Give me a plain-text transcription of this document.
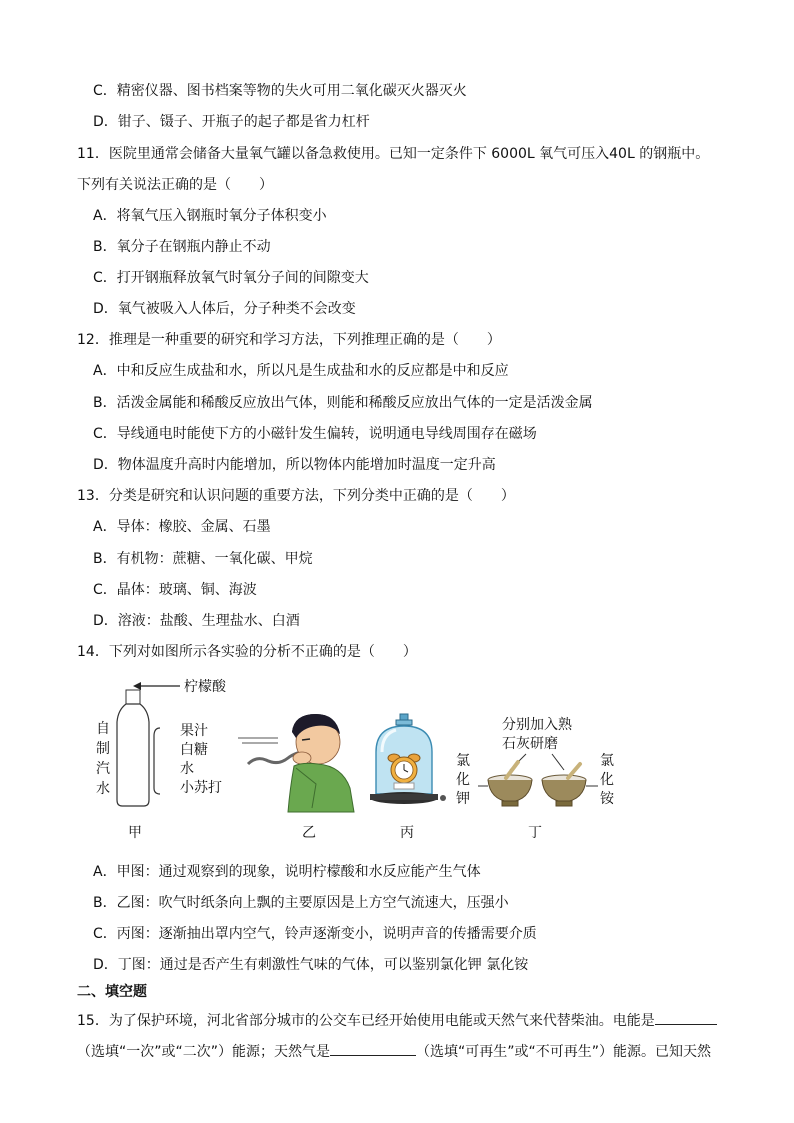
C．精密仪器、图书档案等物的失火可用二氧化碳灭火器灭火
D．钳子、镊子、开瓶子的起子都是省力杠杆
11．医院里通常会储备大量氧气罐以备急救使用。已知一定条件下 6000L 氧气可压入40L 的钢瓶中。
下列有关说法正确的是（　　）
A．将氧气压入钢瓶时氧分子体积变小
B．氧分子在钢瓶内静止不动
C．打开钢瓶释放氧气时氧分子间的间隙变大
D．氧气被吸入人体后，分子种类不会改变
12．推理是一种重要的研究和学习方法，下列推理正确的是（　　）
A．中和反应生成盐和水，所以凡是生成盐和水的反应都是中和反应
B．活泼金属能和稀酸反应放出气体，则能和稀酸反应放出气体的一定是活泼金属
C．导线通电时能使下方的小磁针发生偏转，说明通电导线周围存在磁场
D．物体温度升高时内能增加，所以物体内能增加时温度一定升高
13．分类是研究和认识问题的重要方法，下列分类中正确的是（　　）
A．导体：橡胶、金属、石墨
B．有机物：蔗糖、一氧化碳、甲烷
C．晶体：玻璃、铜、海波
D．溶液：盐酸、生理盐水、白酒
14．下列对如图所示各实验的分析不正确的是（　　）
柠檬酸
自
制
汽
水
果汁
白糖
水
小苏打
甲	乙	丙
分别加入熟
石灰研磨
氯
化
钾
氯
化
铵
丁
A．甲图：通过观察到的现象，说明柠檬酸和水反应能产生气体
B．乙图：吹气时纸条向上飘的主要原因是上方空气流速大，压强小
C．丙图：逐渐抽出罩内空气，铃声逐渐变小，说明声音的传播需要介质
D．丁图：通过是否产生有刺激性气味的气体，可以鉴别氯化钾 氯化铵
二、填空题
15．为了保护环境，河北省部分城市的公交车已经开始使用电能或天然气来代替柴油。电能是
（选填“一次”或“二次”）能源；天然气是	（选填“可再生”或“不可再生”）能源。已知天然
